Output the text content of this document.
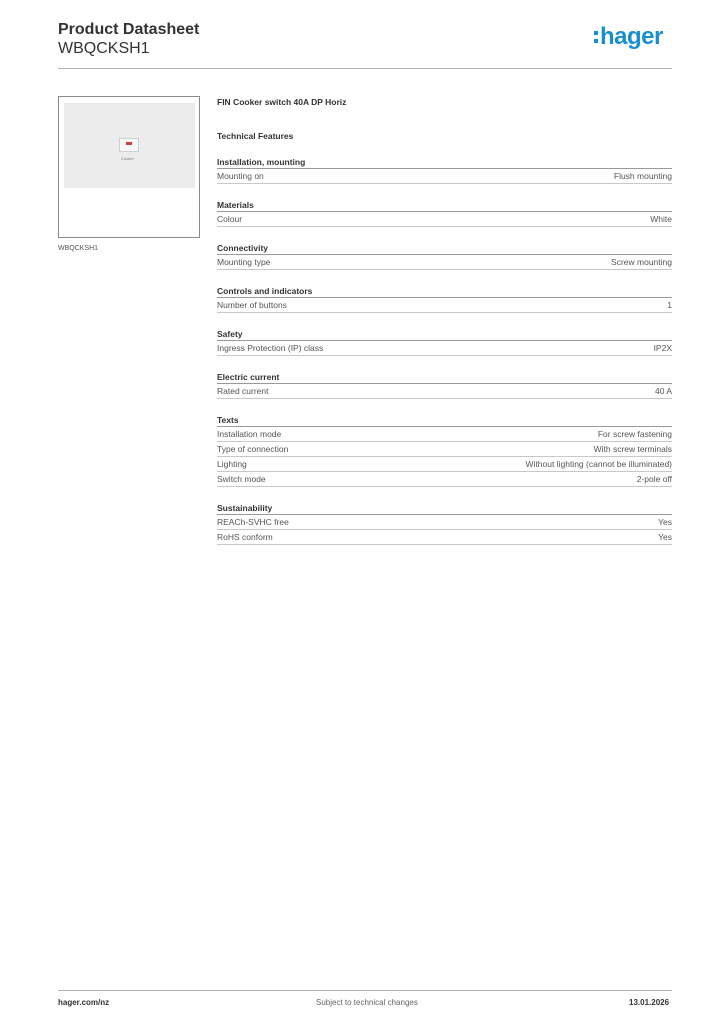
Product Datasheet
WBQCKSH1	hager
Cooker
WBQCKSH1
FIN Cooker switch 40A DP Horiz
Technical Features
Installation, mounting
Mounting on	Flush mounting
Materials
Colour	White
Connectivity
Mounting type	Screw mounting
Controls and indicators
Number of buttons	1
Safety
Ingress Protection (IP) class	IP2X
Electric current
Rated current	40 A
Texts
Installation mode	For screw fastening
Type of connection	With screw terminals
Lighting	Without lighting (cannot be illuminated)
Switch mode	2-pole off
Sustainability
REACh-SVHC free	Yes
RoHS conform	Yes
hager.com/nz	Subject to technical changes	13.01.2026
